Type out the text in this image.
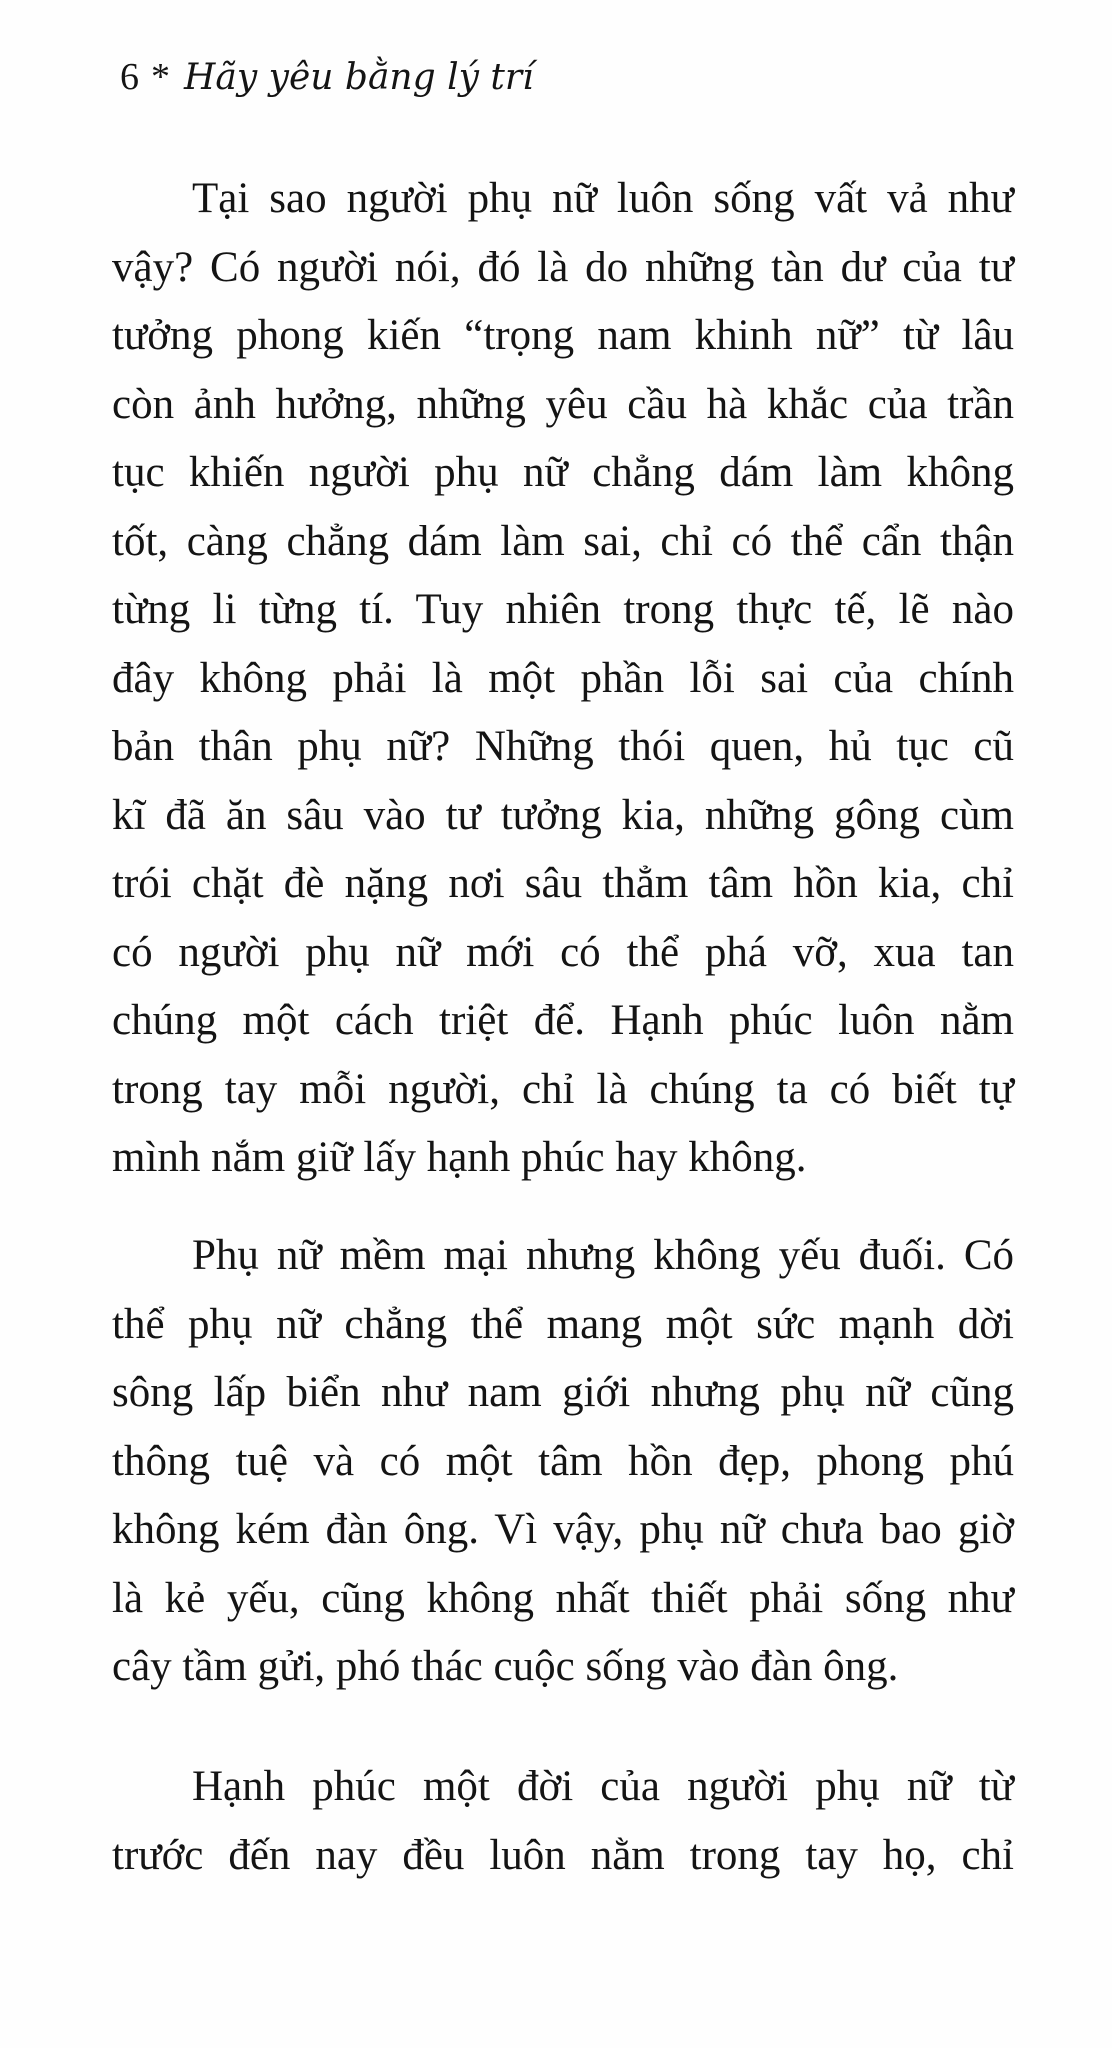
6 * Hãy yêu bằng lý trí
Tại sao người phụ nữ luôn sống vất vả như
vậy? Có người nói, đó là do những tàn dư của tư
tưởng phong kiến “trọng nam khinh nữ” từ lâu
còn ảnh hưởng, những yêu cầu hà khắc của trần
tục khiến người phụ nữ chẳng dám làm không
tốt, càng chẳng dám làm sai, chỉ có thể cẩn thận
từng li từng tí. Tuy nhiên trong thực tế, lẽ nào
đây không phải là một phần lỗi sai của chính
bản thân phụ nữ? Những thói quen, hủ tục cũ
kĩ đã ăn sâu vào tư tưởng kia, những gông cùm
trói chặt đè nặng nơi sâu thẳm tâm hồn kia, chỉ
có người phụ nữ mới có thể phá vỡ, xua tan
chúng một cách triệt để. Hạnh phúc luôn nằm
trong tay mỗi người, chỉ là chúng ta có biết tự
mình nắm giữ lấy hạnh phúc hay không.
Phụ nữ mềm mại nhưng không yếu đuối. Có
thể phụ nữ chẳng thể mang một sức mạnh dời
sông lấp biển như nam giới nhưng phụ nữ cũng
thông tuệ và có một tâm hồn đẹp, phong phú
không kém đàn ông. Vì vậy, phụ nữ chưa bao giờ
là kẻ yếu, cũng không nhất thiết phải sống như
cây tầm gửi, phó thác cuộc sống vào đàn ông.
Hạnh phúc một đời của người phụ nữ từ
trước đến nay đều luôn nằm trong tay họ, chỉ
